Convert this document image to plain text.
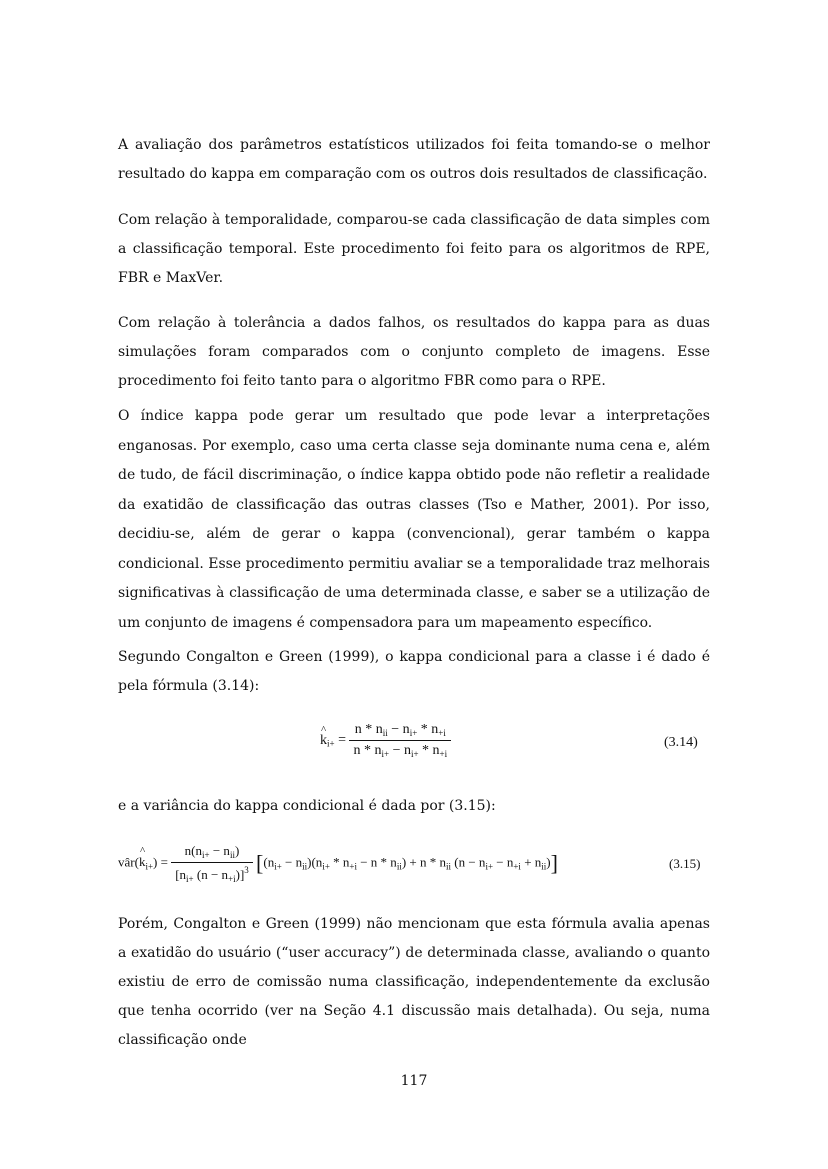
A avaliação dos parâmetros estatísticos utilizados foi feita tomando-se o melhor resultado do kappa em comparação com os outros dois resultados de classificação.

Com relação à temporalidade, comparou-se cada classificação de data simples com a classificação temporal. Este procedimento foi feito para os algoritmos de RPE, FBR e MaxVer.

Com relação à tolerância a dados falhos, os resultados do kappa para as duas simulações foram comparados com o conjunto completo de imagens. Esse procedimento foi feito tanto para o algoritmo FBR como para o RPE.

O índice kappa pode gerar um resultado que pode levar a interpretações enganosas. Por exemplo, caso uma certa classe seja dominante numa cena e, além de tudo, de fácil discriminação, o índice kappa obtido pode não refletir a realidade da exatidão de classificação das outras classes (Tso e Mather, 2001). Por isso, decidiu-se, além de gerar o kappa (convencional), gerar também o kappa condicional. Esse procedimento permitiu avaliar se a temporalidade traz melhorais significativas à classificação de uma determinada classe, e saber se a utilização de um conjunto de imagens é compensadora para um mapeamento específico.

Segundo Congalton e Green (1999), o kappa condicional para a classe i é dado é pela fórmula (3.14):

^ $k_{i+} = \frac{n * n_{ii} - n_{i+} * n_{+i}}{n * n_{i+} - n_{i+} * n_{+i}}$	(3.14)

e a variância do kappa condicional é dada por (3.15):

vâr(^ $k_{i+}) = \frac{n(n_{i+} - n_{ii})}{[n_{i+} (n - n_{+i})]^3} [(n_{i+} - n_{ii})(n_{i+} * n_{+i} - n * n_{ii}) + n * n_{ii}$ $(n - n_{i+} - n_{+i} + n_{ii})$]	(3.15)

Porém, Congalton e Green (1999) não mencionam que esta fórmula avalia apenas a exatidão do usuário (“user accuracy”) de determinada classe, avaliando o quanto existiu de erro de comissão numa classificação, independentemente da exclusão que tenha ocorrido (ver na Seção 4.1 discussão mais detalhada). Ou seja, numa classificação onde

117
